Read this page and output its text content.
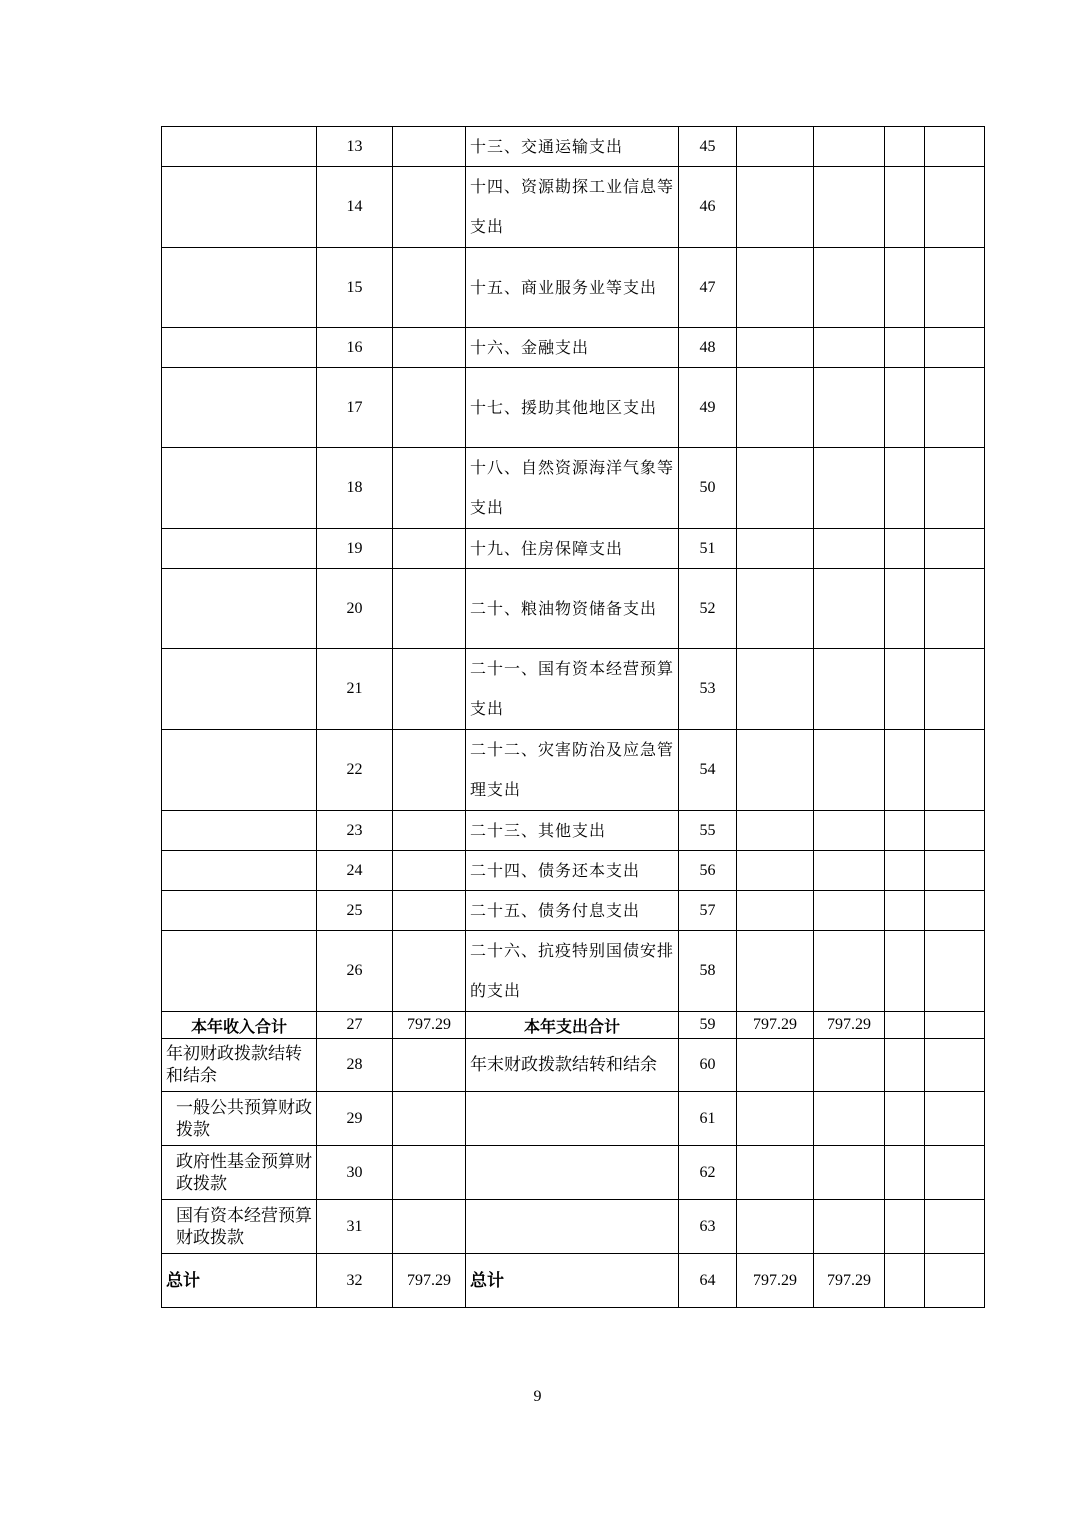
	13		十三、交通运输支出	45				
	14		十四、资源勘探工业信息等支出	46				
	15		十五、商业服务业等支出	47				
	16		十六、金融支出	48				
	17		十七、援助其他地区支出	49				
	18		十八、自然资源海洋气象等支出	50				
	19		十九、住房保障支出	51				
	20		二十、粮油物资储备支出	52				
	21		二十一、国有资本经营预算支出	53				
	22		二十二、灾害防治及应急管理支出	54				
	23		二十三、其他支出	55				
	24		二十四、债务还本支出	56				
	25		二十五、债务付息支出	57				
	26		二十六、抗疫特别国债安排的支出	58				
本年收入合计	27	797.29	本年支出合计	59	797.29	797.29		
年初财政拨款结转和结余	28		年末财政拨款结转和结余	60				
一般公共预算财政拨款	29			61				
政府性基金预算财政拨款	30			62				
国有资本经营预算财政拨款	31			63				
总计	32	797.29	总计	64	797.29	797.29		
9
